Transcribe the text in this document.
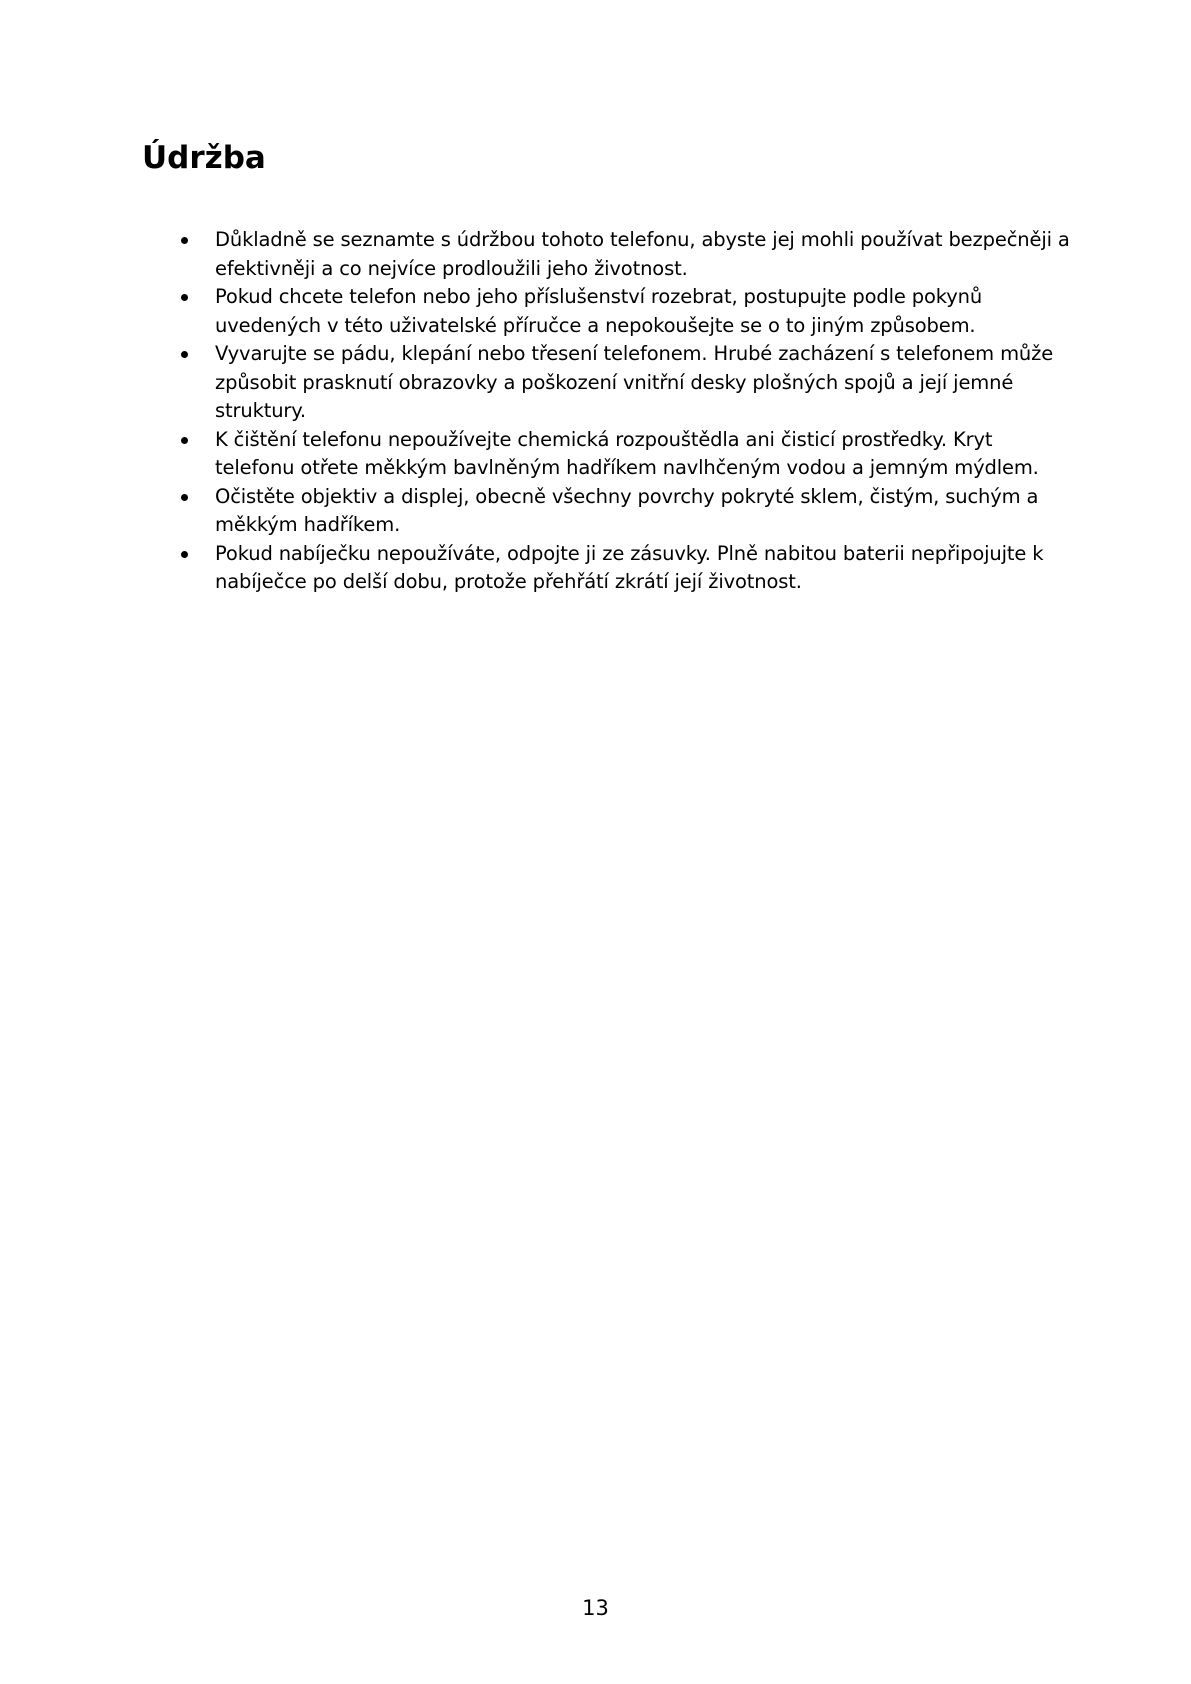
Údržba
Důkladně se seznamte s údržbou tohoto telefonu, abyste jej mohli používat bezpečněji a efektivněji a co nejvíce prodloužili jeho životnost.
Pokud chcete telefon nebo jeho příslušenství rozebrat, postupujte podle pokynů uvedených v této uživatelské příručce a nepokoušejte se o to jiným způsobem.
Vyvarujte se pádu, klepání nebo třesení telefonem. Hrubé zacházení s telefonem může způsobit prasknutí obrazovky a poškození vnitřní desky plošných spojů a její jemné struktury.
K čištění telefonu nepoužívejte chemická rozpouštědla ani čisticí prostředky. Kryt telefonu otřete měkkým bavlněným hadříkem navlhčeným vodou a jemným mýdlem.
Očistěte objektiv a displej, obecně všechny povrchy pokryté sklem, čistým, suchým a měkkým hadříkem.
Pokud nabíječku nepoužíváte, odpojte ji ze zásuvky. Plně nabitou baterii nepřipojujte k nabíječce po delší dobu, protože přehřátí zkrátí její životnost.
13
